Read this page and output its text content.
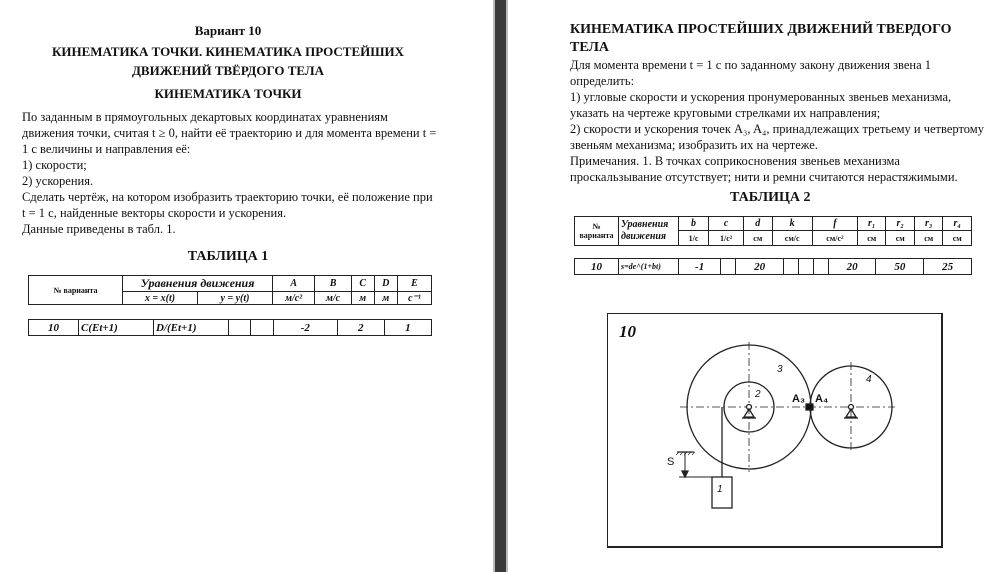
Вариант 10
КИНЕМАТИКА ТОЧКИ. КИНЕМАТИКА ПРОСТЕЙШИХ
ДВИЖЕНИЙ ТВЁРДОГО ТЕЛА
КИНЕМАТИКА ТОЧКИ
По заданным в прямоугольных декартовых координатах уравнениям
движения точки, считая t ≥ 0, найти её траекторию и для момента времени t =
1 с величины и направления её:
1) скорости;
2) ускорения.
Сделать чертёж, на котором изобразить траекторию точки, её положение при
t = 1 с, найденные векторы скорости и ускорения.
Данные приведены в табл. 1.
ТАБЛИЦА 1
№ варианта	Уравнения движения		A	B	C	D	E
	x = x(t)	y = y(t)	м/с²	м/с	м	м	с⁻¹
10	C(Et+1)	D/(Et+1)			-2	2	1
КИНЕМАТИКА ПРОСТЕЙШИХ ДВИЖЕНИЙ ТВЕРДОГО
ТЕЛА
Для момента времени t = 1 с по заданному закону движения звена 1
определить:
1) угловые скорости и ускорения пронумерованных звеньев механизма,
указать на чертеже круговыми стрелками их направления;
2) скорости и ускорения точек A₃, A₄, принадлежащих третьему и четвертому
звеньям механизма; изобразить их на чертеже.
Примечания. 1. В точках соприкосновения звеньев механизма
проскальзывание отсутствует; нити и ремни считаются нерастяжимыми.
ТАБЛИЦА 2
№ варианта	Уравнения движения	b	c	d	k	f	r₁	r₂	r₃	r₄
		1/с	1/с²	см	см/с	см/с²	см	см	см	см
10	s=de^(1+bt)	-1		20				20	50	25
10
S
1
2
3
4
A₃ A₄
